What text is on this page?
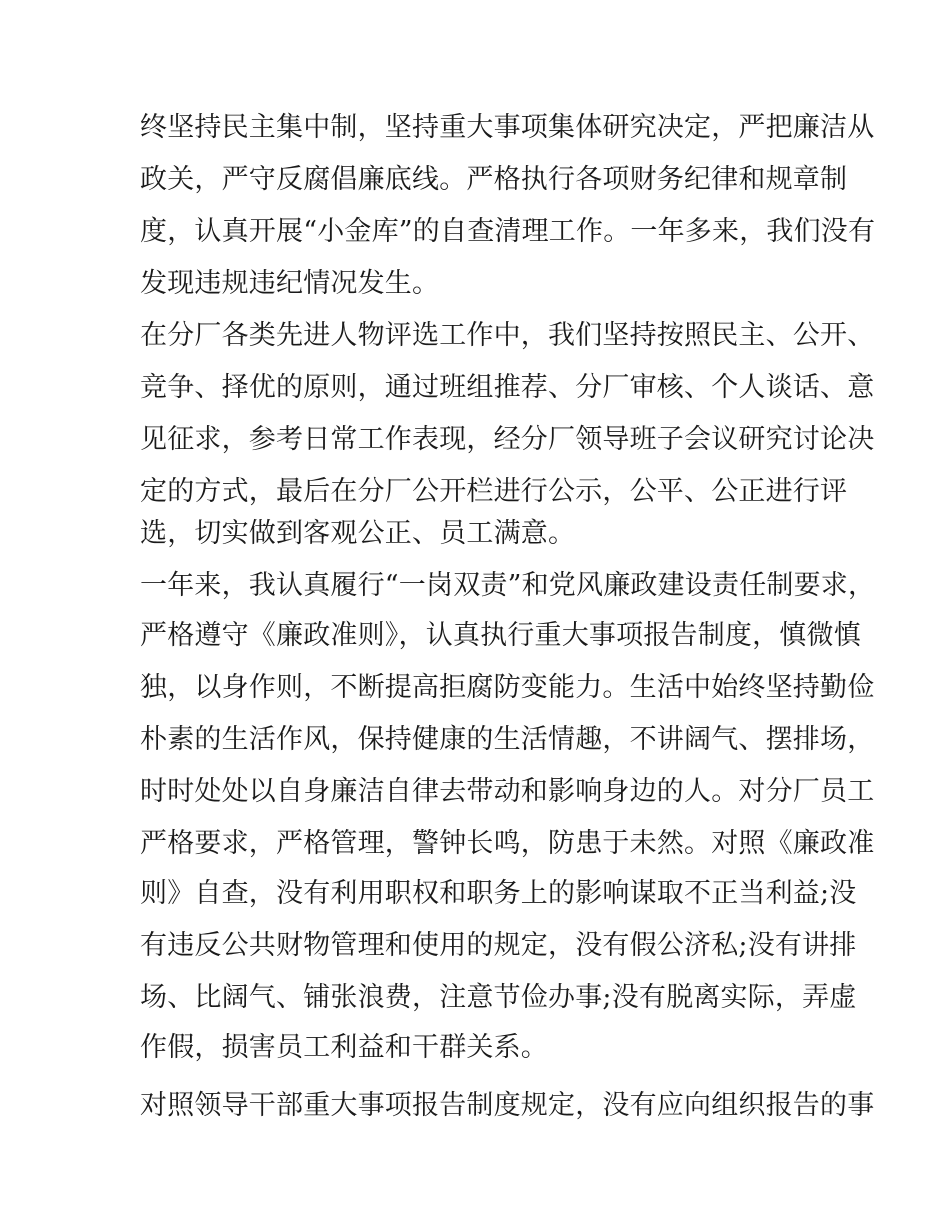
终坚持民主集中制，坚持重大事项集体研究决定，严把廉洁从
政关，严守反腐倡廉底线。严格执行各项财务纪律和规章制
度，认真开展“小金库”的自查清理工作。一年多来，我们没有
发现违规违纪情况发生。
在分厂各类先进人物评选工作中，我们坚持按照民主、公开、
竞争、择优的原则，通过班组推荐、分厂审核、个人谈话、意
见征求，参考日常工作表现，经分厂领导班子会议研究讨论决
定的方式，最后在分厂公开栏进行公示，公平、公正进行评
选，切实做到客观公正、员工满意。
一年来，我认真履行“一岗双责”和党风廉政建设责任制要求，
严格遵守《廉政准则》，认真执行重大事项报告制度，慎微慎
独，以身作则，不断提高拒腐防变能力。生活中始终坚持勤俭
朴素的生活作风，保持健康的生活情趣，不讲阔气、摆排场，
时时处处以自身廉洁自律去带动和影响身边的人。对分厂员工
严格要求，严格管理，警钟长鸣，防患于未然。对照《廉政准
则》自查，没有利用职权和职务上的影响谋取不正当利益;没
有违反公共财物管理和使用的规定，没有假公济私;没有讲排
场、比阔气、铺张浪费，注意节俭办事;没有脱离实际，弄虚
作假，损害员工利益和干群关系。
对照领导干部重大事项报告制度规定，没有应向组织报告的事
